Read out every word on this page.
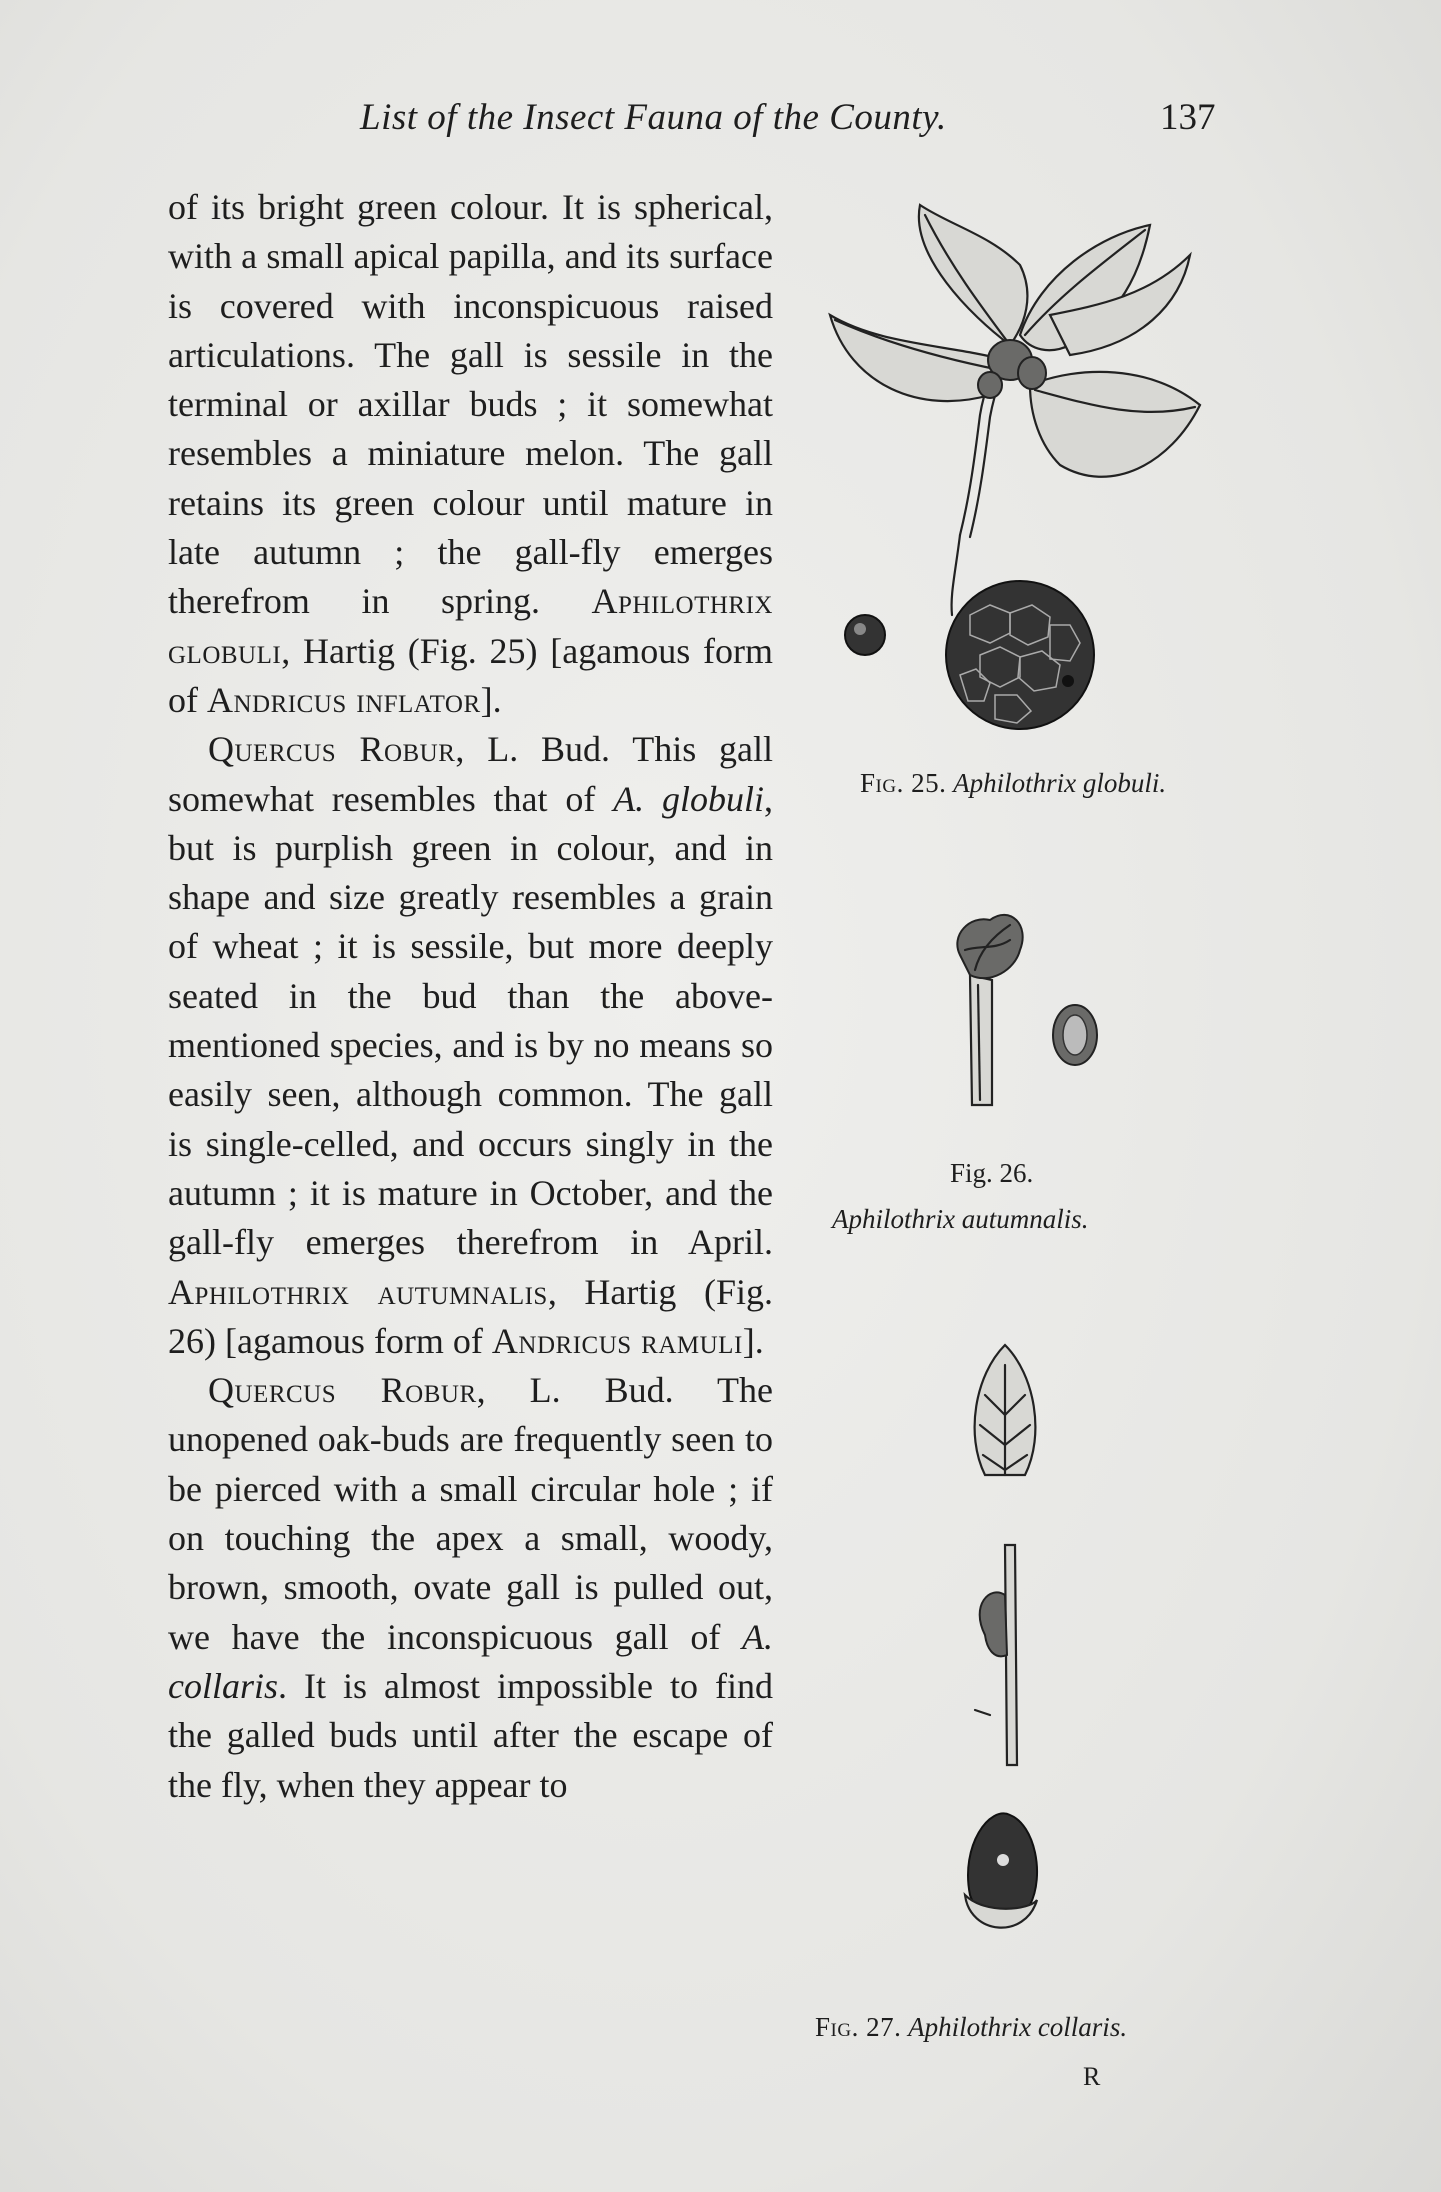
List of the Insect Fauna of the County.	137

of its bright green colour. It is spherical, with a small apical papilla, and its surface is covered with inconspicuous raised articulations. The gall is sessile in the terminal or axillar buds ; it somewhat resembles a miniature melon. The gall retains its green colour until mature in late autumn ; the gall-fly emerges therefrom in spring. Aphilothrix globuli, Hartig (Fig. 25) [agamous form of Andricus inflator].

Quercus Robur, L. Bud. This gall somewhat resembles that of A. globuli, but is purplish green in colour, and in shape and size greatly resembles a grain of wheat ; it is sessile, but more deeply seated in the bud than the above-mentioned species, and is by no means so easily seen, although common. The gall is single-celled, and occurs singly in the autumn ; it is mature in October, and the gall-fly emerges therefrom in April. Aphilothrix autumnalis, Hartig (Fig. 26) [agamous form of Andricus ramuli].

Quercus Robur, L. Bud. The unopened oak-buds are frequently seen to be pierced with a small circular hole ; if on touching the apex a small, woody, brown, smooth, ovate gall is pulled out, we have the inconspicuous gall of A. collaris. It is almost impossible to find the galled buds until after the escape of the fly, when they appear to

Fig. 25. Aphilothrix globuli.
Fig. 26.
Aphilothrix autumnalis.
Fig. 27. Aphilothrix collaris.
R
